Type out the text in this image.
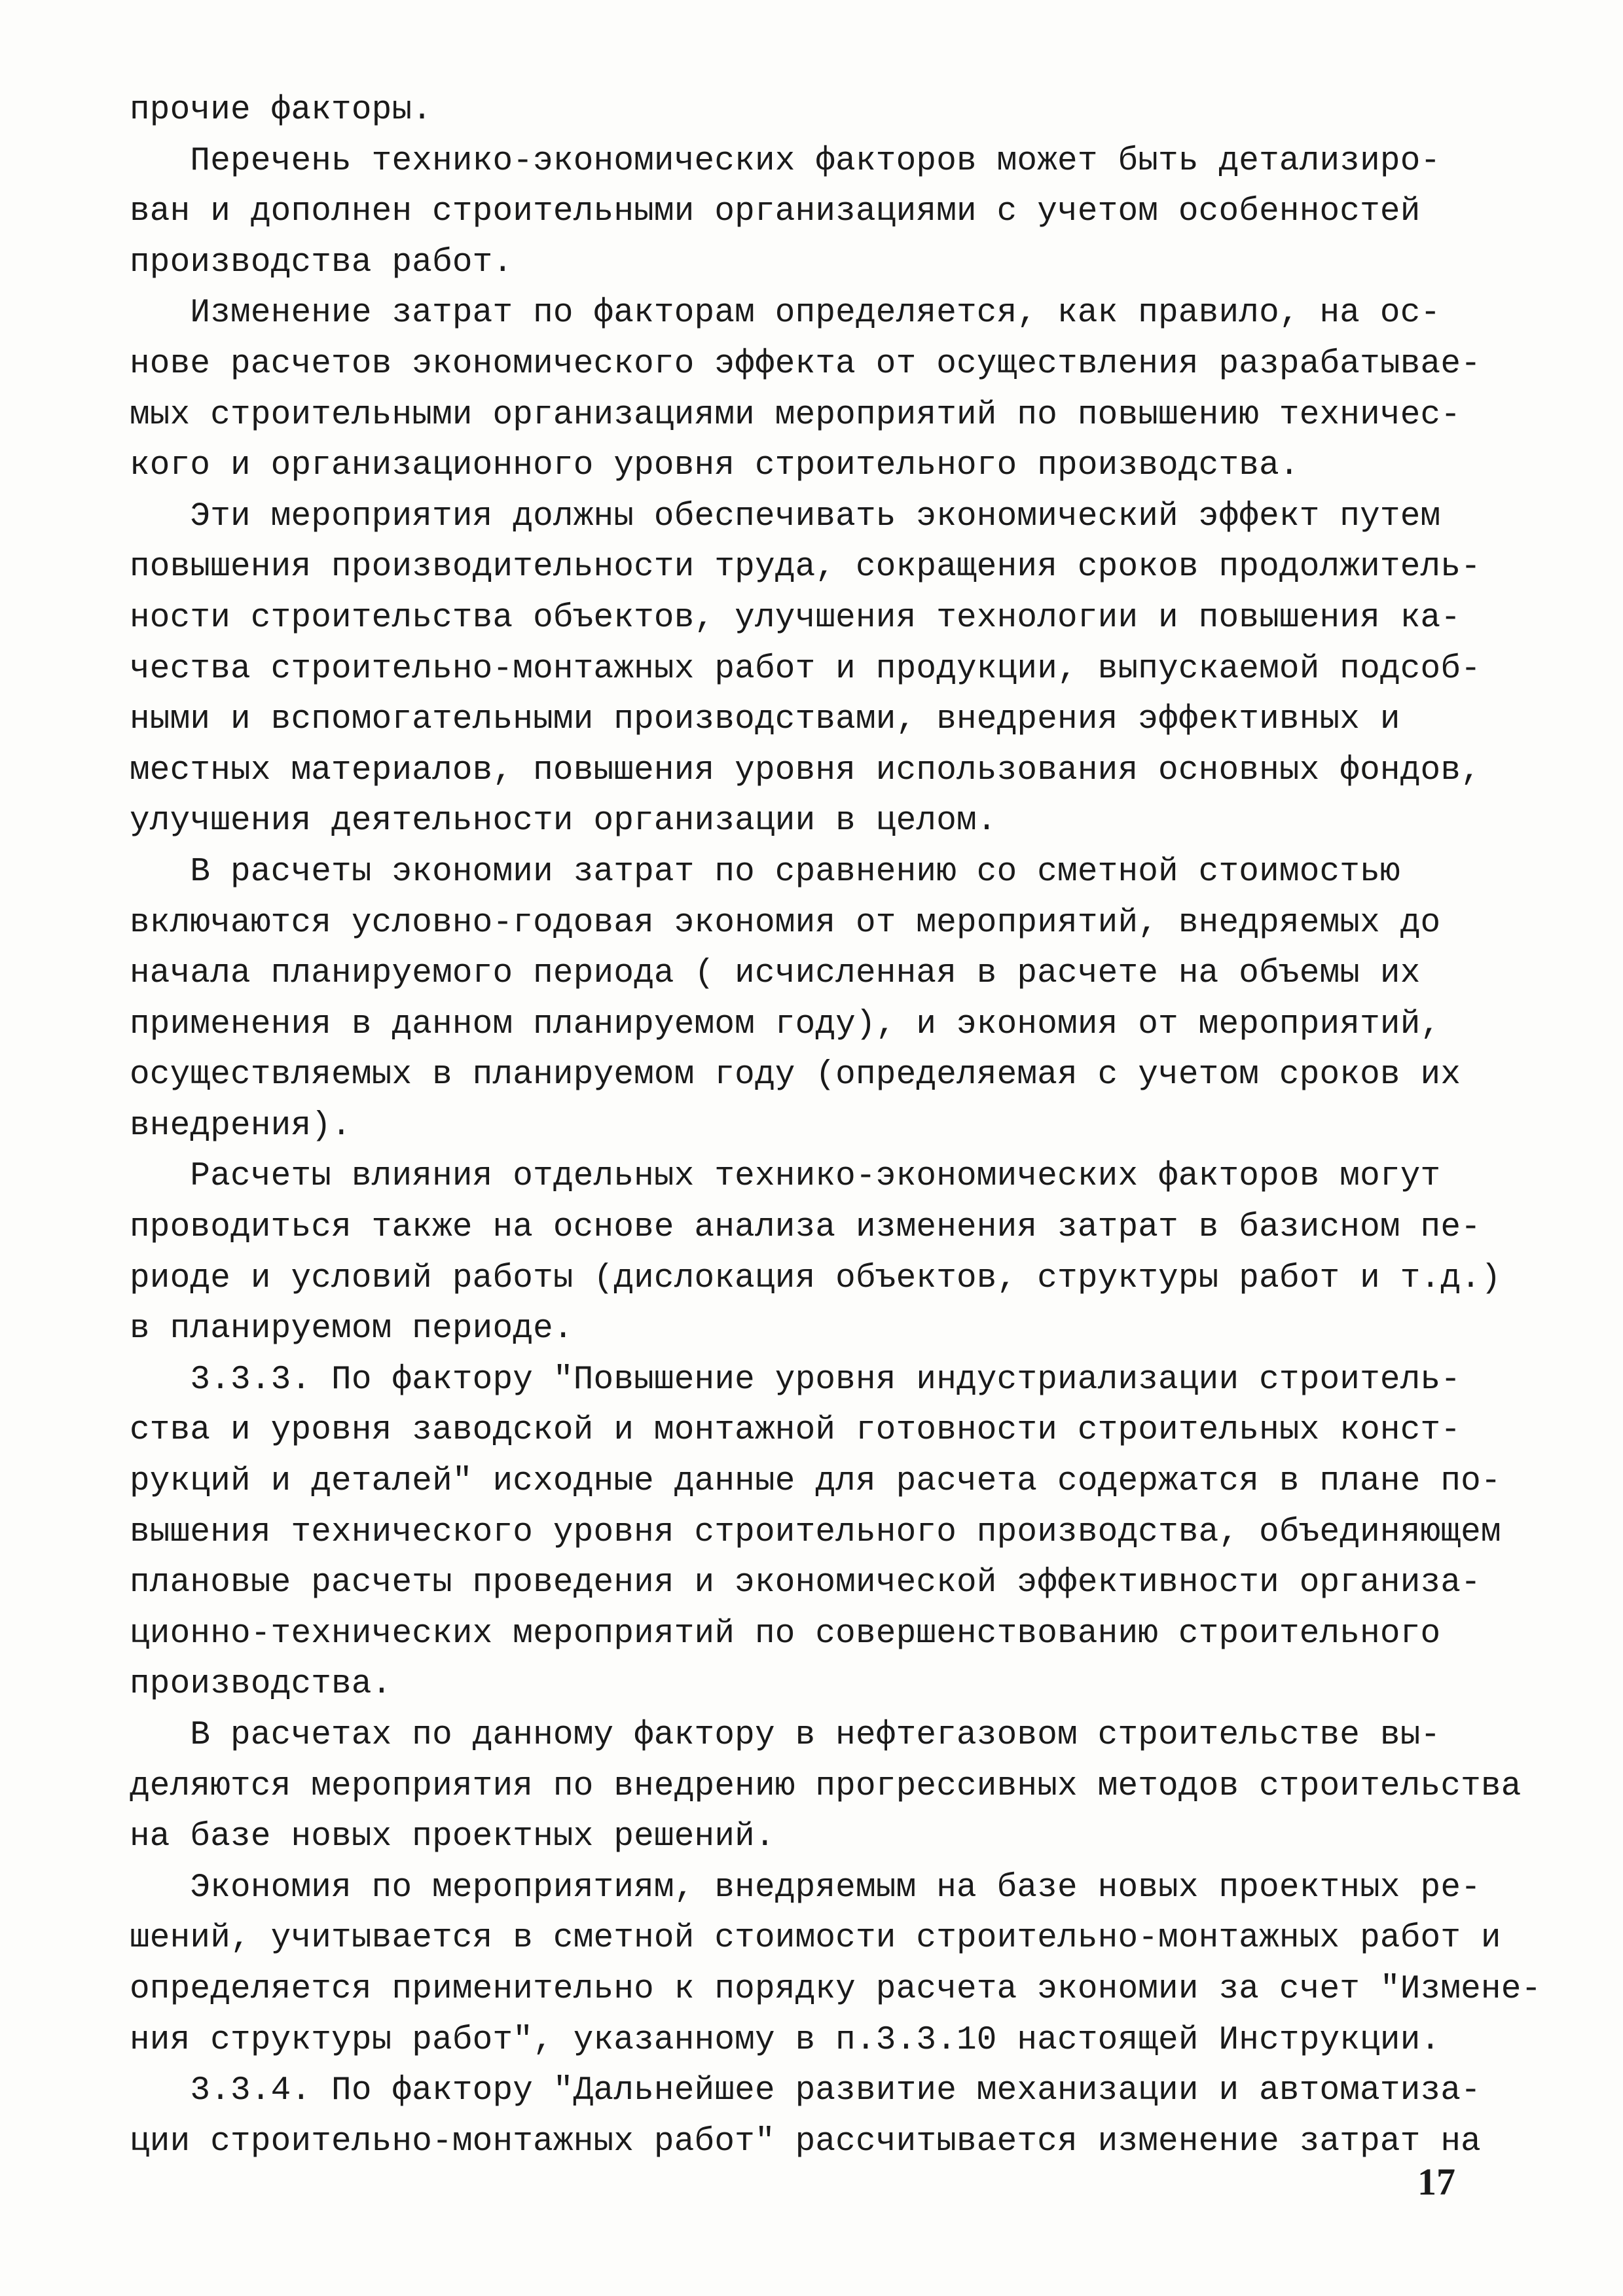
прочие факторы.
Перечень технико-экономических факторов может быть детализиро-
ван и дополнен строительными организациями с учетом особенностей
производства работ.
Изменение затрат по факторам определяется, как правило, на ос-
нове расчетов экономического эффекта от осуществления разрабатывае-
мых строительными организациями мероприятий по повышению техничес-
кого и организационного уровня строительного производства.
Эти мероприятия должны обеспечивать экономический эффект путем
повышения производительности труда, сокращения сроков продолжитель-
ности строительства объектов, улучшения технологии и повышения ка-
чества строительно-монтажных работ и продукции, выпускаемой подсоб-
ными и вспомогательными производствами, внедрения эффективных и
местных материалов, повышения уровня использования основных фондов,
улучшения деятельности организации в целом.
В расчеты экономии затрат по сравнению со сметной стоимостью
включаются условно-годовая экономия от мероприятий, внедряемых до
начала планируемого периода ( исчисленная в расчете на объемы их
применения в данном планируемом году), и экономия от мероприятий,
осуществляемых в планируемом году (определяемая с учетом сроков их
внедрения).
Расчеты влияния отдельных технико-экономических факторов могут
проводиться также на основе анализа изменения затрат в базисном пе-
риоде и условий работы (дислокация объектов, структуры работ и т.д.)
в планируемом периоде.
3.3.3. По фактору "Повышение уровня индустриализации строитель-
ства и уровня заводской и монтажной готовности строительных конст-
рукций и деталей" исходные данные для расчета содержатся в плане по-
вышения технического уровня строительного производства, объединяющем
плановые расчеты проведения и экономической эффективности организа-
ционно-технических мероприятий по совершенствованию строительного
производства.
В расчетах по данному фактору в нефтегазовом строительстве вы-
деляются мероприятия по внедрению прогрессивных методов строительства
на базе новых проектных решений.
Экономия по мероприятиям, внедряемым на базе новых проектных ре-
шений, учитывается в сметной стоимости строительно-монтажных работ и
определяется применительно к порядку расчета экономии за счет "Измене-
ния структуры работ", указанному в п.3.3.10 настоящей Инструкции.
3.3.4. По фактору "Дальнейшее развитие механизации и автоматиза-
ции строительно-монтажных работ" рассчитывается изменение затрат на
17
